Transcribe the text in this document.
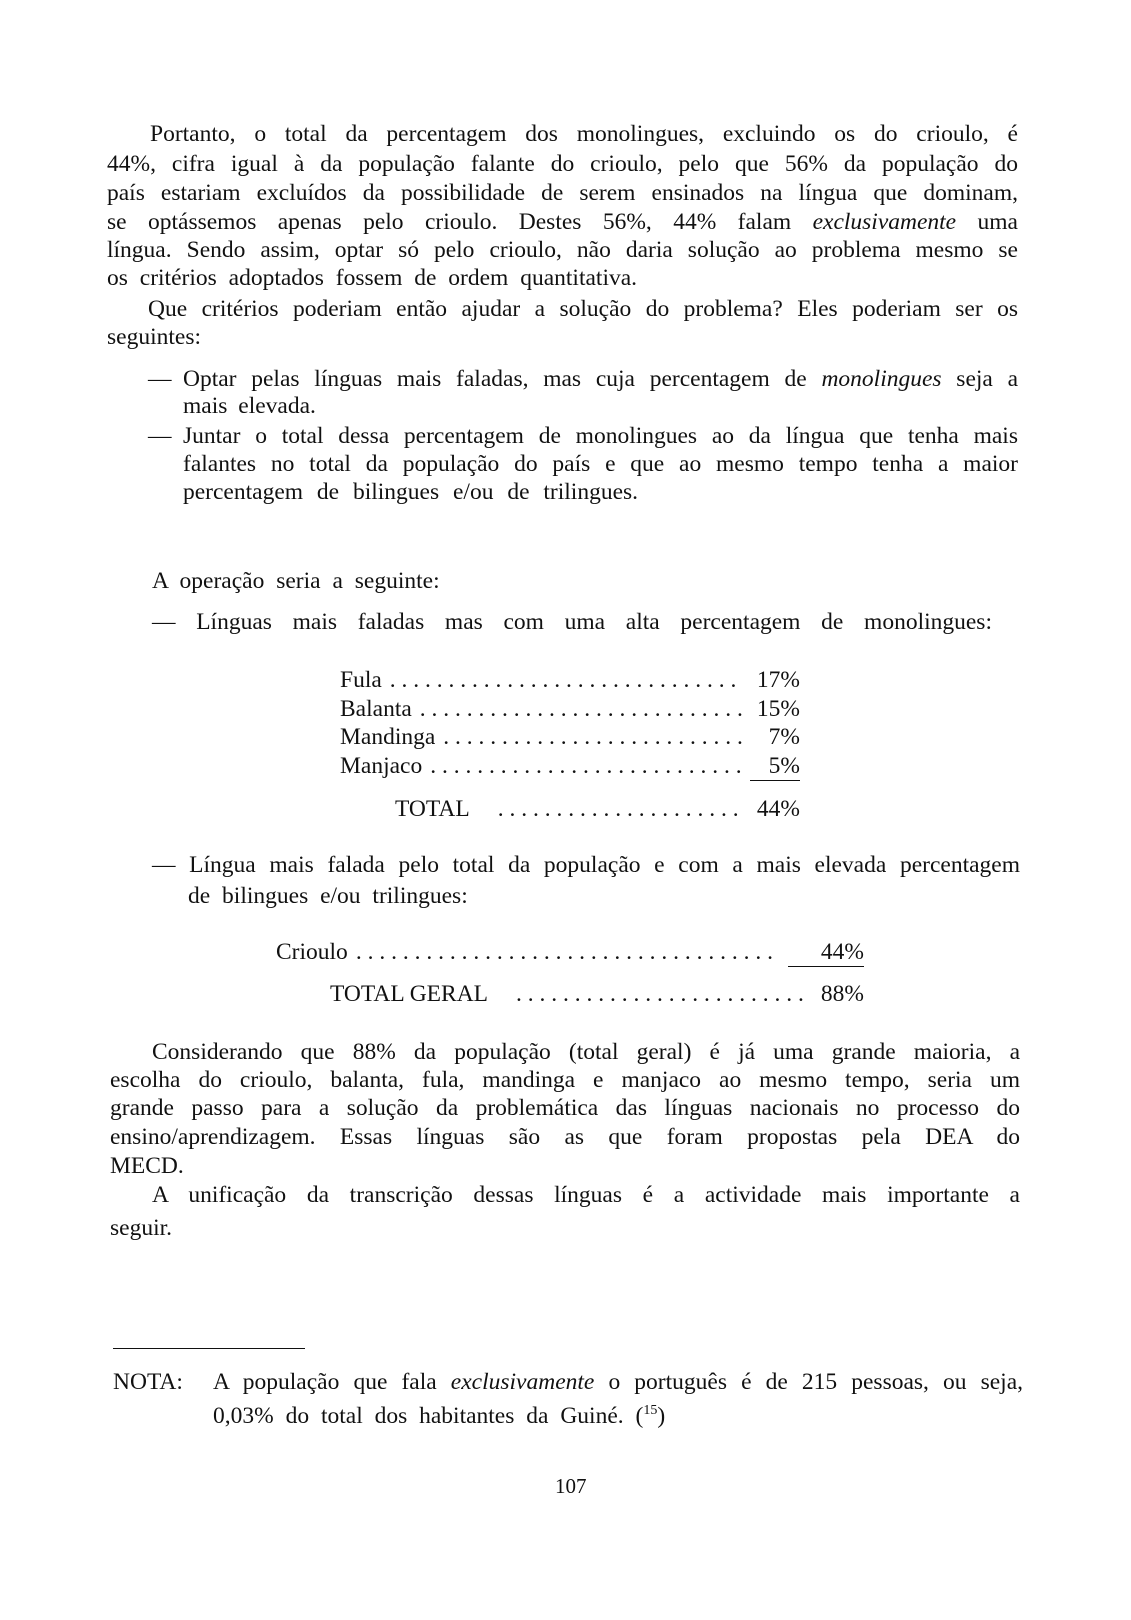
Portanto, o total da percentagem dos monolingues, excluindo os do crioulo, é
44%, cifra igual à da população falante do crioulo, pelo que 56% da população do
país estariam excluídos da possibilidade de serem ensinados na língua que dominam,
se optássemos apenas pelo crioulo. Destes 56%, 44% falam exclusivamente uma
língua. Sendo assim, optar só pelo crioulo, não daria solução ao problema mesmo se
os critérios adoptados fossem de ordem quantitativa.
Que critérios poderiam então ajudar a solução do problema? Eles poderiam ser os
seguintes:
— Optar pelas línguas mais faladas, mas cuja percentagem de monolingues seja a
mais elevada.
— Juntar o total dessa percentagem de monolingues ao da língua que tenha mais
falantes no total da população do país e que ao mesmo tempo tenha a maior
percentagem de bilingues e/ou de trilingues.
A operação seria a seguinte:
— Línguas mais faladas mas com uma alta percentagem de monolingues:
Fula . . .	17%
Balanta . . .	15%
Mandinga . . .	7%
Manjaco . . .	5%
TOTAL . . .	44%
— Língua mais falada pelo total da população e com a mais elevada percentagem
de bilingues e/ou trilingues:
Crioulo . . .	44%
TOTAL GERAL . . .	88%
Considerando que 88% da população (total geral) é já uma grande maioria, a
escolha do crioulo, balanta, fula, mandinga e manjaco ao mesmo tempo, seria um
grande passo para a solução da problemática das línguas nacionais no processo do
ensino/aprendizagem. Essas línguas são as que foram propostas pela DEA do
MECD.
A unificação da transcrição dessas línguas é a actividade mais importante a
seguir.
NOTA: A população que fala exclusivamente o português é de 215 pessoas, ou seja,
0,03% do total dos habitantes da Guiné. ($^{15}$)
107
